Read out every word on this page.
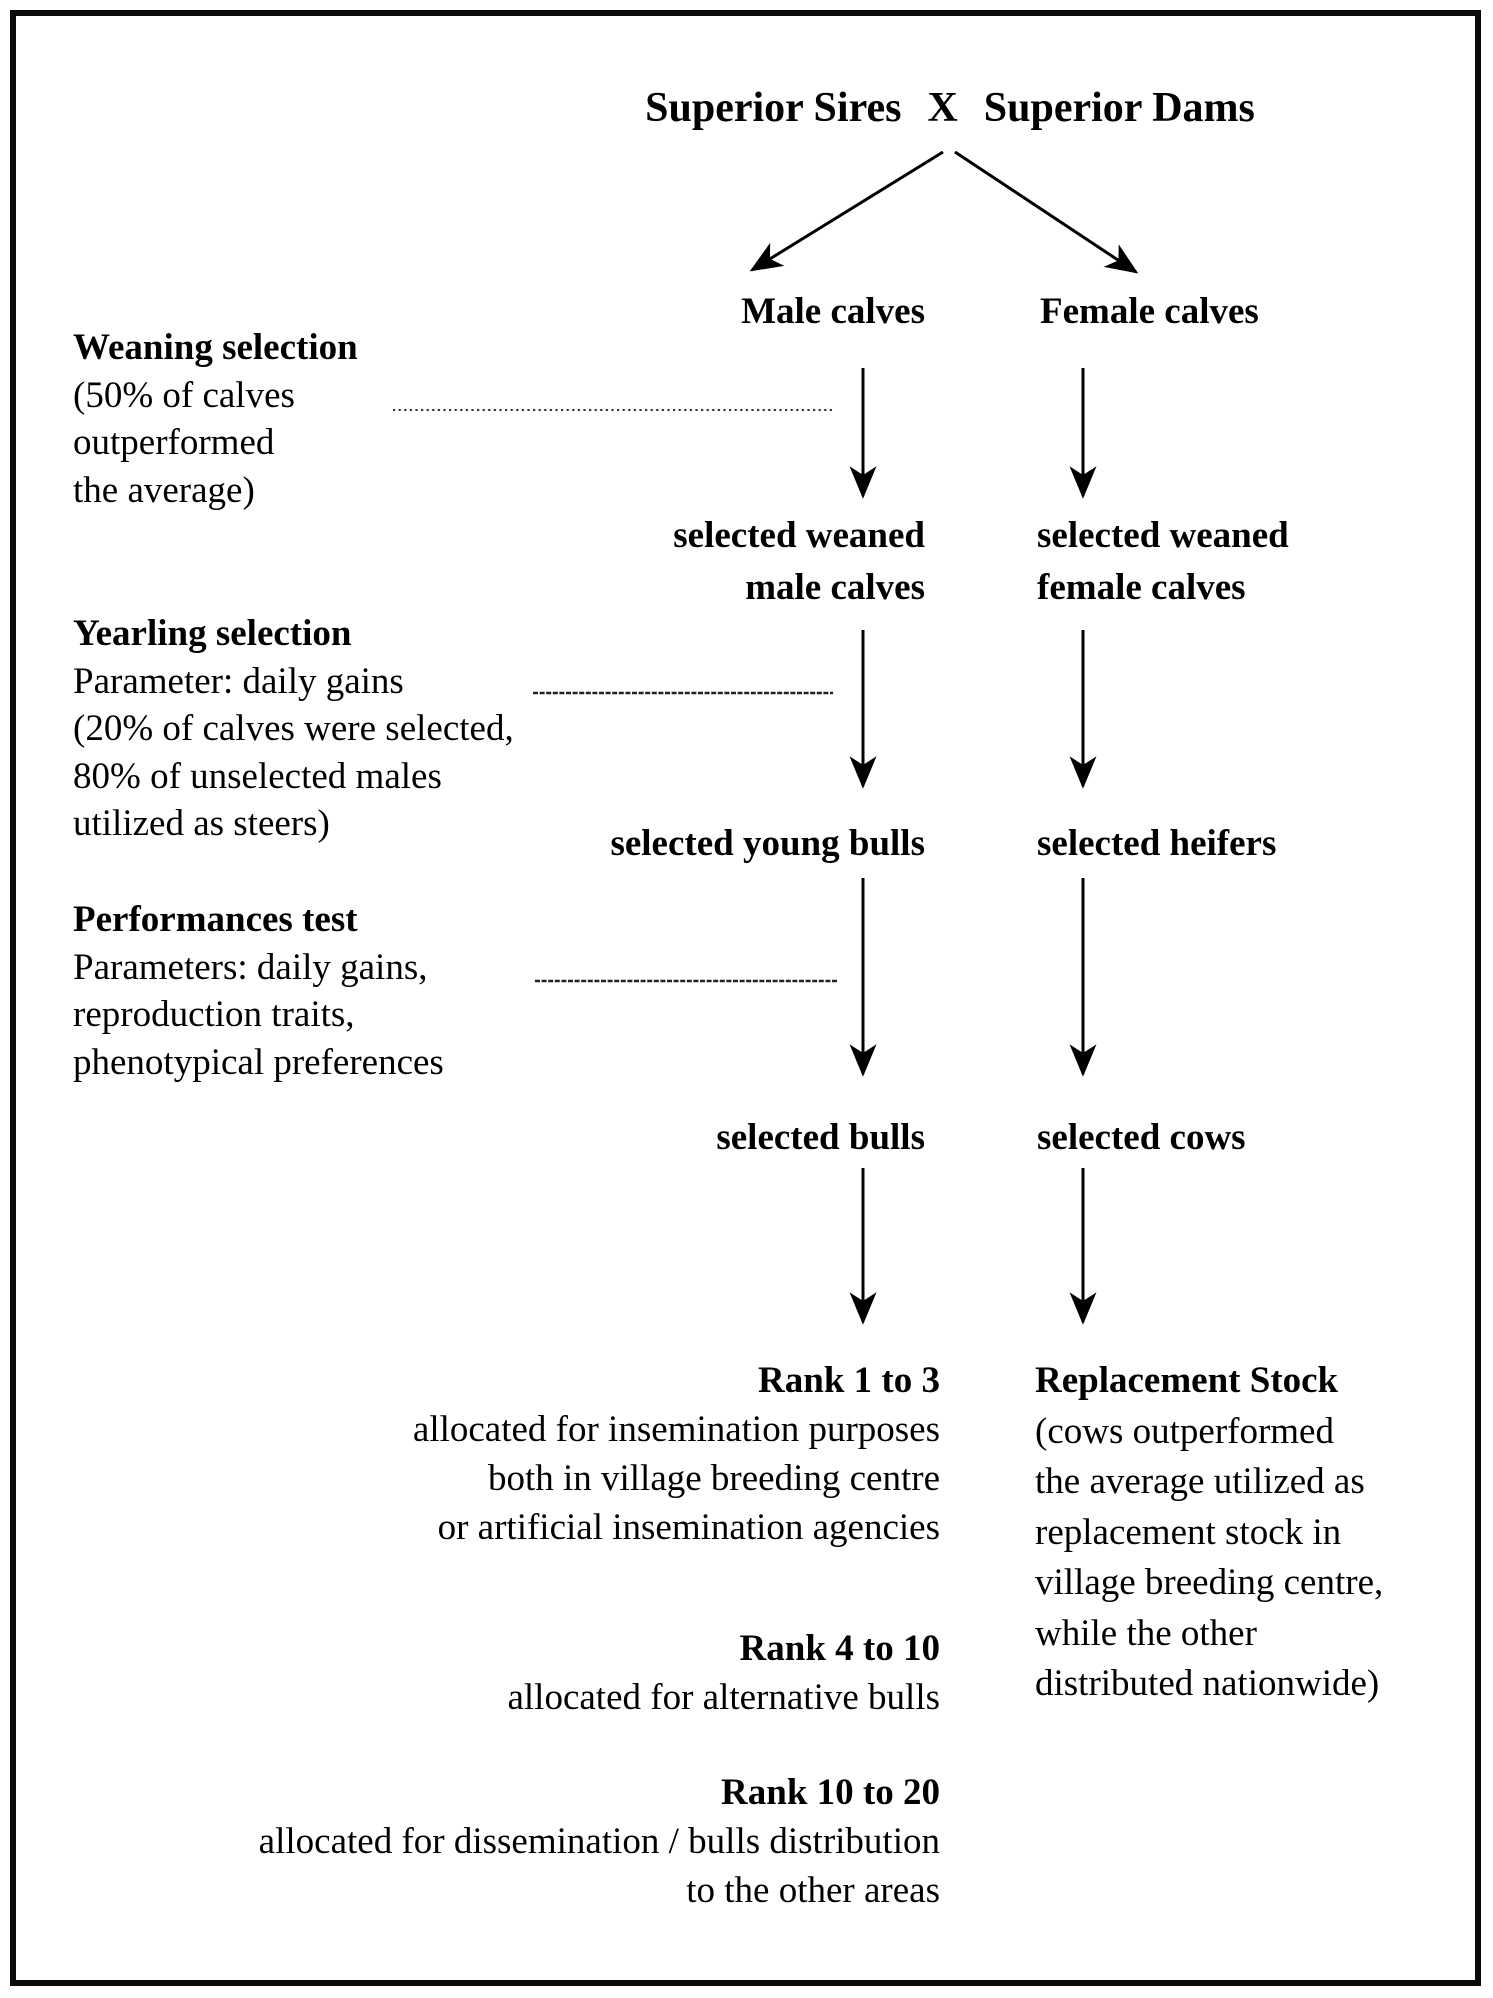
Superior Sires X Superior Dams
Male calves
selected weaned
male calves
selected young bulls
selected bulls
Female calves
selected weaned
female calves
selected heifers
selected cows
Weaning selection
(50% of calves
outperformed
the average)
Yearling selection
Parameter: daily gains
(20% of calves were selected,
80% of unselected males
utilized as steers)
Performances test
Parameters: daily gains,
reproduction traits,
phenotypical preferences
Rank 1 to 3
allocated for insemination purposes
both in village breeding centre
or artificial insemination agencies
Rank 4 to 10
allocated for alternative bulls
Rank 10 to 20
allocated for dissemination / bulls distribution
to the other areas
Replacement Stock
(cows outperformed
the average utilized as
replacement stock in
village breeding centre,
while the other
distributed nationwide)
